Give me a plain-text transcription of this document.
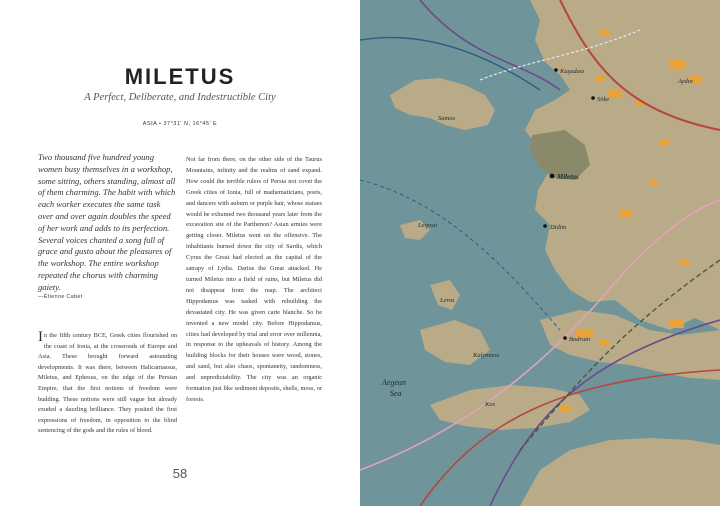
MILETUS
A Perfect, Deliberate, and Indestructible City
ASIA • 37°31' N, 16°45' E
Two thousand five hundred young women busy themselves in a workshop, some sitting, others standing, almost all of them charming. The habit with which each worker executes the same task over and over again doubles the speed of her work and adds to its perfection. Several voices chanted a song full of grace and gusto about the pleasures of the workshop. The entire workshop repeated the chorus with charming gaiety.
—Étienne Cabet
In the fifth century BCE, Greek cities flourished on the coast of Ionia, at the crossroads of Europe and Asia. These brought forward astounding developments. It was there, between Halicarnassus, Miletus, and Ephesus, on the edge of the Persian Empire, that the first notions of freedom were budding. These notions were still vague but already exuded a dazzling brilliance. They posited the first expressions of freedom, in opposition to the blind sentencing of the gods and the rules of blood.
Not far from there, on the other side of the Taurus Mountains, infinity and the realms of sand expand. How could the terrible rulers of Persia not covet the Greek cities of Ionia, full of mathematicians, poets, and dancers with auburn or purple hair, whose statues would be exhumed two thousand years later from the excavation site of the Parthenon? Asian armies were getting closer. Miletus went on the offensive. The inhabitants burned down the city of Sardis, which Cyrus the Great had elected as the capital of the satrapy of Lydia. Darius the Great attacked. He turned Miletus into a field of ruins, but Miletus did not disappear from the map. The architect Hippodamus was tasked with rebuilding the devastated city. He was given carte blanche. So he invented a new model city. Before Hippodamus, cities had developed by trial and error over millennia, in response to the upheavals of history. Among the building blocks for their houses were wood, stones, and sand, but also chaos, spontaneity, randomness, and unpredictability. The city was an organic formation just like sediment deposits, shells, moss, or forests.
58
Kuşadası
Aydın
Samos
Söke
Miletus
Didim
Leipsoi
Leros
Bodrum
Kalymnos
Aegean
Sea
Kos
